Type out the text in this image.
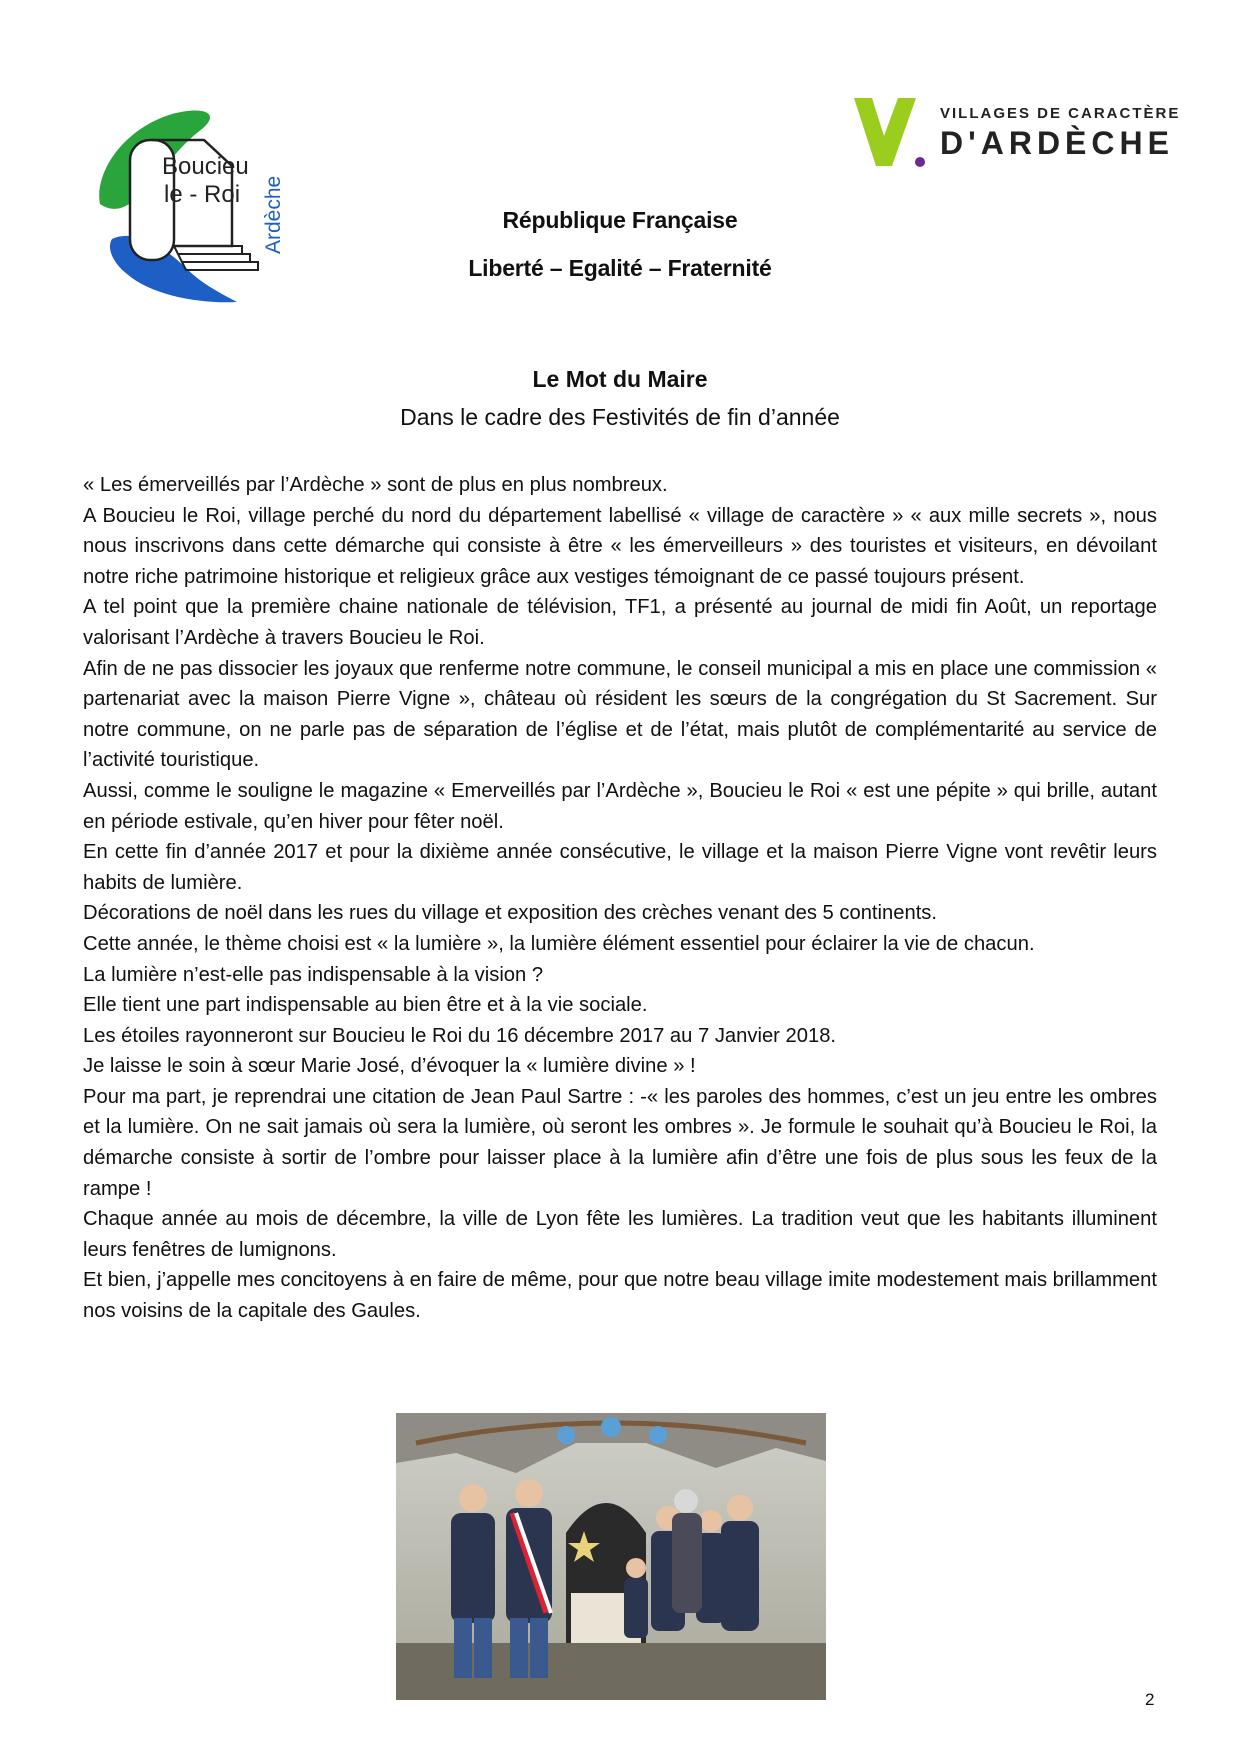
Boucieu
le - Roi Ardèche
VILLAGES DE CARACTÈRE
D'ARDÈCHE
République Française
Liberté – Egalité – Fraternité
Le Mot du Maire
Dans le cadre des Festivités de fin d’année

« Les émerveillés par l’Ardèche » sont de plus en plus nombreux.

A Boucieu le Roi, village perché du nord du département labellisé « village de caractère » « aux mille secrets », nous nous inscrivons dans cette démarche qui consiste à être « les émerveilleurs » des touristes et visiteurs, en dévoilant notre riche patrimoine historique et religieux grâce aux vestiges témoignant de ce passé toujours présent.

A tel point que la première chaine nationale de télévision, TF1, a présenté au journal de midi fin Août, un reportage valorisant l’Ardèche à travers Boucieu le Roi.

Afin de ne pas dissocier les joyaux que renferme notre commune, le conseil municipal a mis en place une commission « partenariat avec la maison Pierre Vigne », château où résident les sœurs de la congrégation du St Sacrement. Sur notre commune, on ne parle pas de séparation de l’église et de l’état, mais plutôt de complémentarité au service de l’activité touristique.

Aussi, comme le souligne le magazine « Emerveillés par l’Ardèche », Boucieu le Roi « est une pépite » qui brille, autant en période estivale, qu’en hiver pour fêter noël.

En cette fin d’année 2017 et pour la dixième année consécutive, le village et la maison Pierre Vigne vont revêtir leurs habits de lumière.

Décorations de noël dans les rues du village et exposition des crèches venant des 5 continents.

Cette année, le thème choisi est « la lumière », la lumière élément essentiel pour éclairer la vie de chacun.

La lumière n’est-elle pas indispensable à la vision ?

Elle tient une part indispensable au bien être et à la vie sociale.

Les étoiles rayonneront sur Boucieu le Roi du 16 décembre 2017 au 7 Janvier 2018.

Je laisse le soin à sœur Marie José, d’évoquer la « lumière divine » !

Pour ma part, je reprendrai une citation de Jean Paul Sartre : -« les paroles des hommes, c’est un jeu entre les ombres et la lumière. On ne sait jamais où sera la lumière, où seront les ombres ». Je formule le souhait qu’à Boucieu le Roi, la démarche consiste à sortir de l’ombre pour laisser place à la lumière afin d’être une fois de plus sous les feux de la rampe !

Chaque année au mois de décembre, la ville de Lyon fête les lumières. La tradition veut que les habitants illuminent leurs fenêtres de lumignons.

Et bien, j’appelle mes concitoyens à en faire de même, pour que notre beau village imite modestement mais brillamment nos voisins de la capitale des Gaules.

2
